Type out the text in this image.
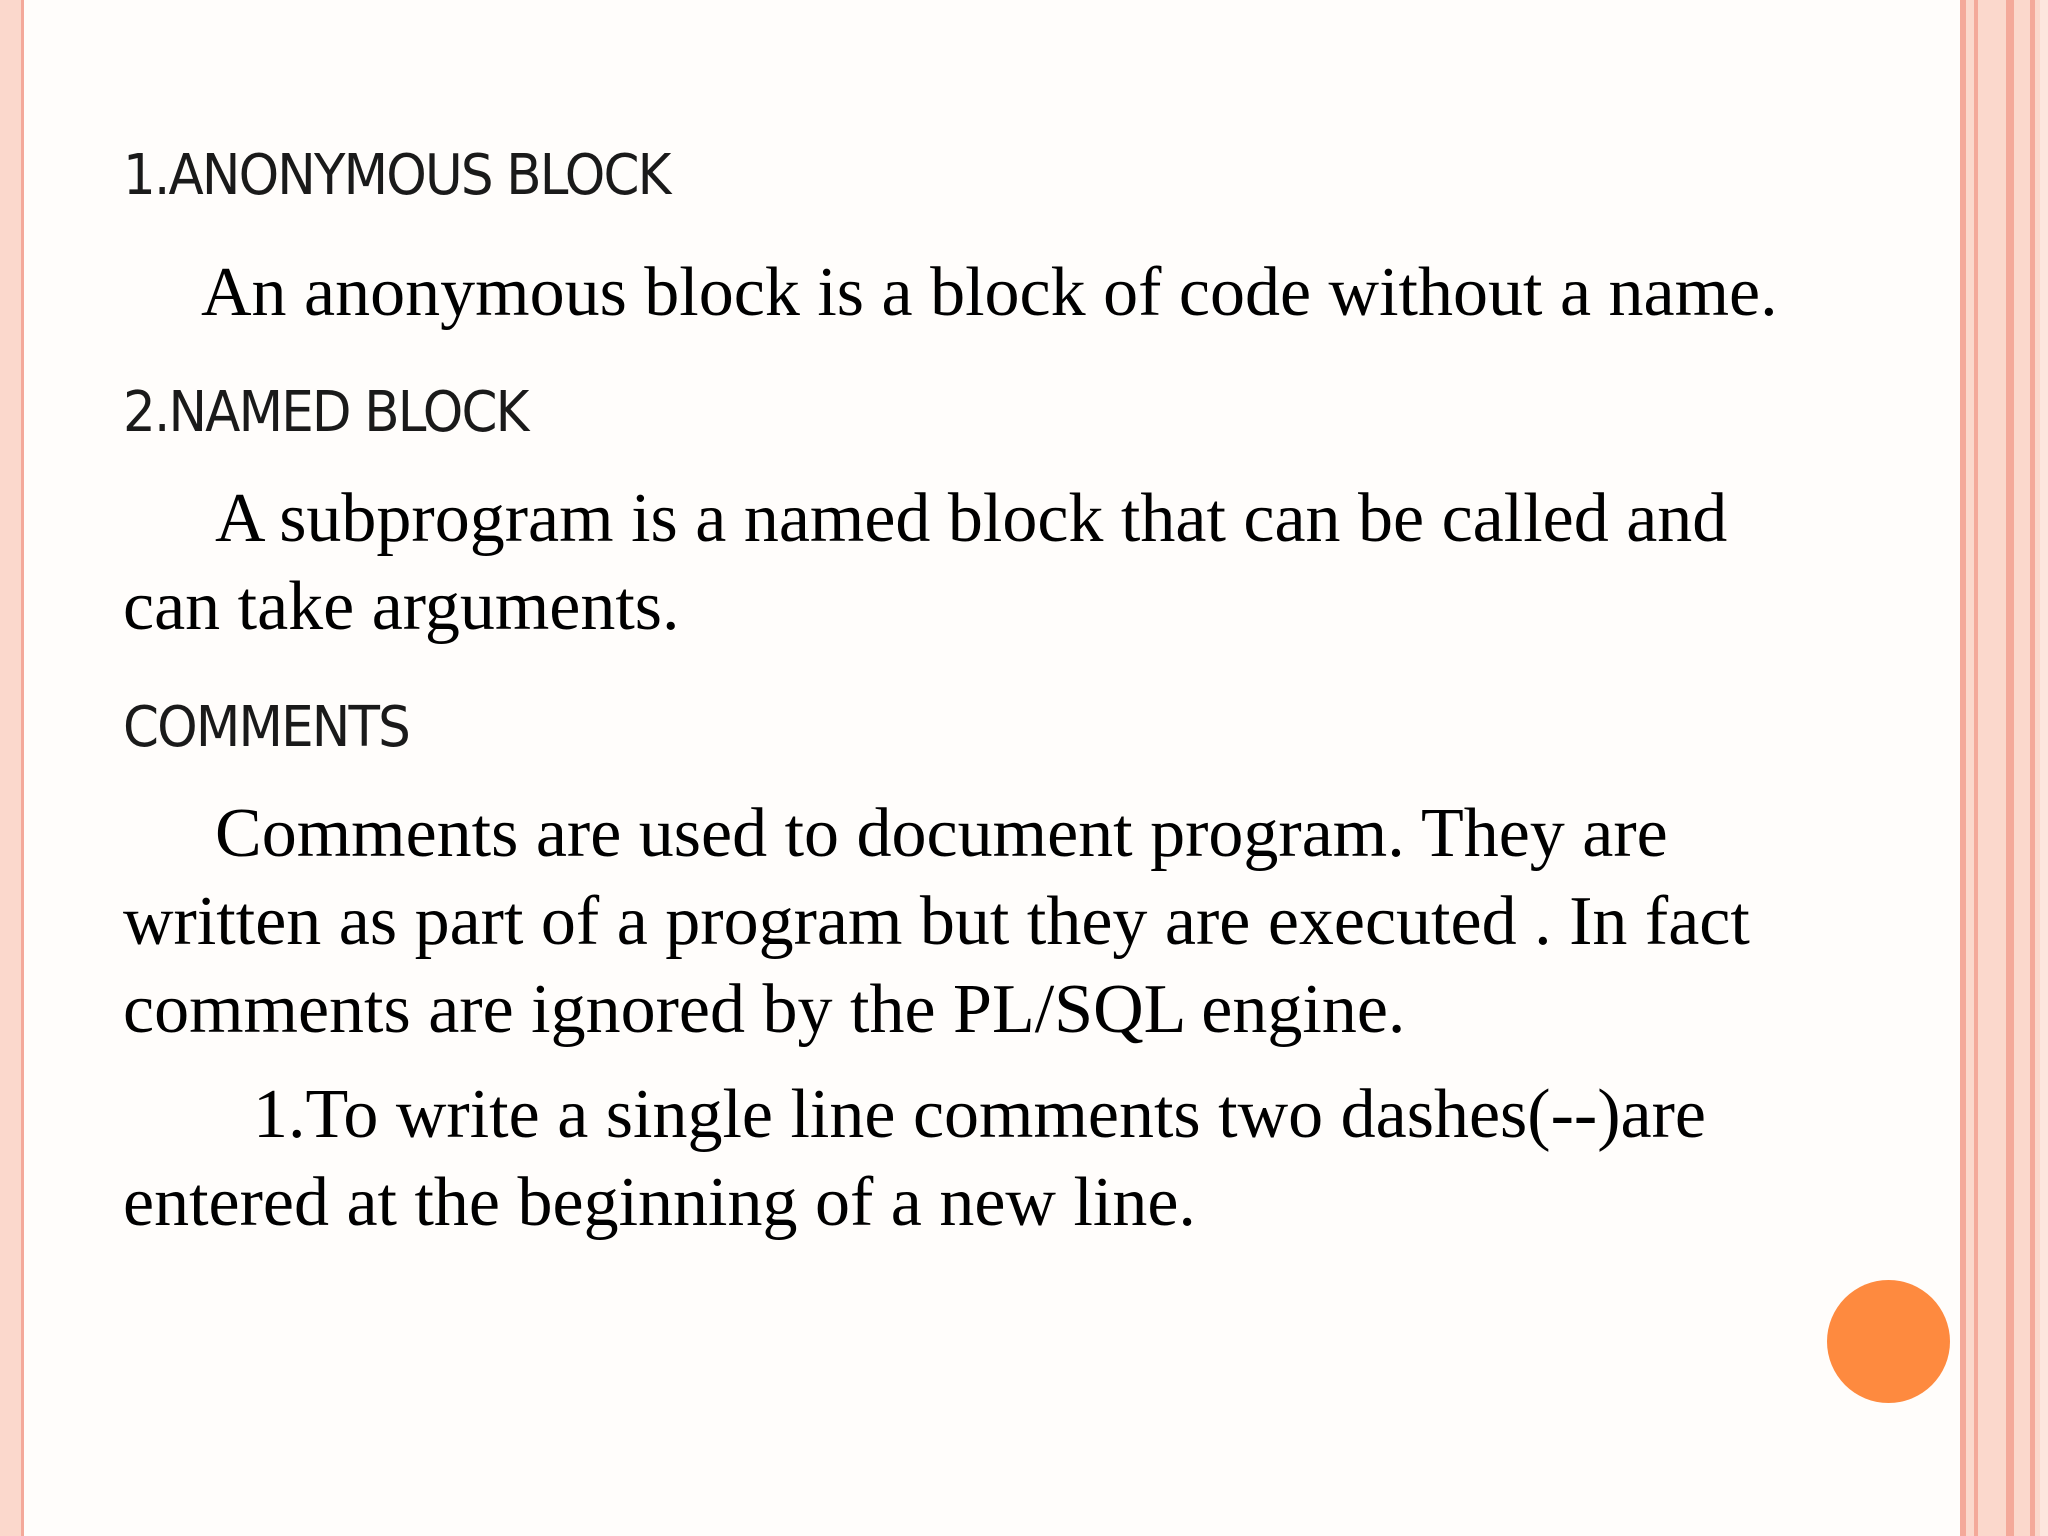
1.ANONYMOUS BLOCK

An anonymous block is a block of code without a name.

2.NAMED BLOCK

A subprogram is a named block that can be called and

can take arguments.

COMMENTS

Comments are used to document program. They are

written as part of a program but they are executed . In fact

comments are ignored by the PL/SQL engine.

1.To write a single line comments two dashes(--)are

entered at the beginning of a new line.
